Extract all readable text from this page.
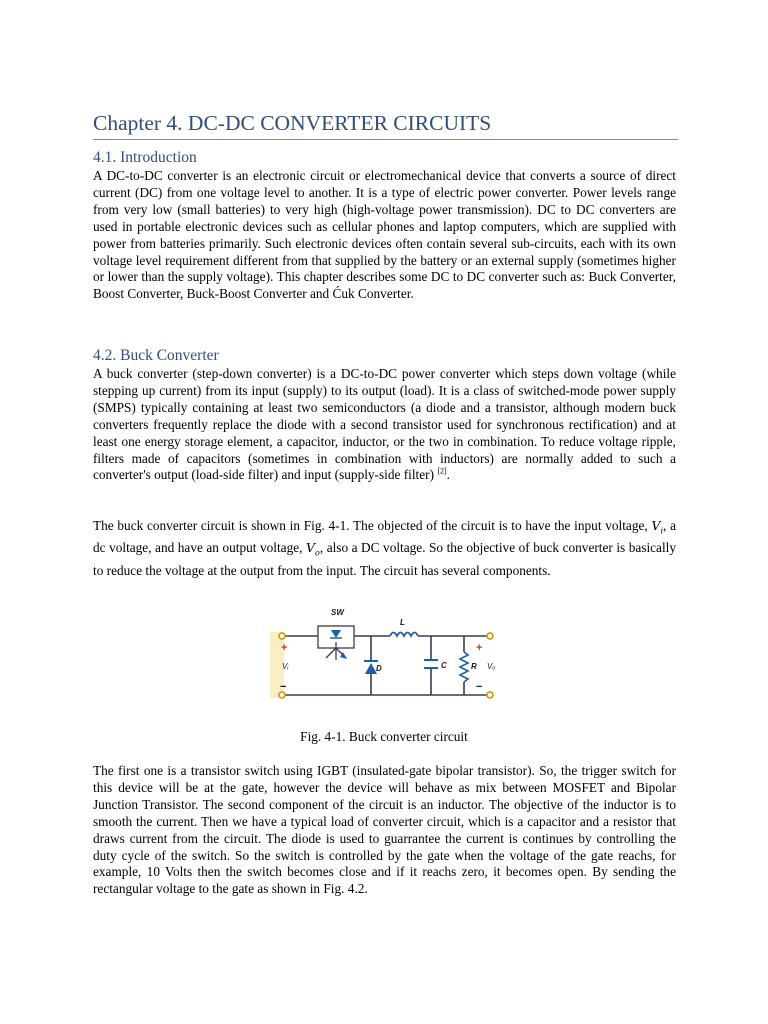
Chapter 4. DC-DC CONVERTER CIRCUITS
4.1. Introduction

A DC-to-DC converter is an electronic circuit or electromechanical device that converts a source of direct current (DC) from one voltage level to another. It is a type of electric power converter. Power levels range from very low (small batteries) to very high (high-voltage power transmission). DC to DC converters are used in portable electronic devices such as cellular phones and laptop computers, which are supplied with power from batteries primarily. Such electronic devices often contain several sub-circuits, each with its own voltage level requirement different from that supplied by the battery or an external supply (sometimes higher or lower than the supply voltage). This chapter describes some DC to DC converter such as: Buck Converter, Boost Converter, Buck-Boost Converter and Ćuk Converter.

4.2. Buck Converter

A buck converter (step-down converter) is a DC-to-DC power converter which steps down voltage (while stepping up current) from its input (supply) to its output (load). It is a class of switched-mode power supply (SMPS) typically containing at least two semiconductors (a diode and a transistor, although modern buck converters frequently replace the diode with a second transistor used for synchronous rectification) and at least one energy storage element, a capacitor, inductor, or the two in combination. To reduce voltage ripple, filters made of capacitors (sometimes in combination with inductors) are normally added to such a converter's output (load-side filter) and input (supply-side filter) [2].

The buck converter circuit is shown in Fig. 4-1. The objected of the circuit is to have the input voltage, $V_i$, a dc voltage, and have an output voltage, $V_o$, also a DC voltage. So the objective of buck converter is basically to reduce the voltage at the output from the input. The circuit has several components.

SW
L
D	C	R
Vᵢ	Vₒ
+
−
+
−

Fig. 4-1. Buck converter circuit

The first one is a transistor switch using IGBT (insulated-gate bipolar transistor). So, the trigger switch for this device will be at the gate, however the device will behave as mix between MOSFET and Bipolar Junction Transistor. The second component of the circuit is an inductor. The objective of the inductor is to smooth the current. Then we have a typical load of converter circuit, which is a capacitor and a resistor that draws current from the circuit. The diode is used to guarrantee the current is continues by controlling the duty cycle of the switch. So the switch is controlled by the gate when the voltage of the gate reachs, for example, 10 Volts then the switch becomes close and if it reachs zero, it becomes open. By sending the rectangular voltage to the gate as shown in Fig. 4.2.
